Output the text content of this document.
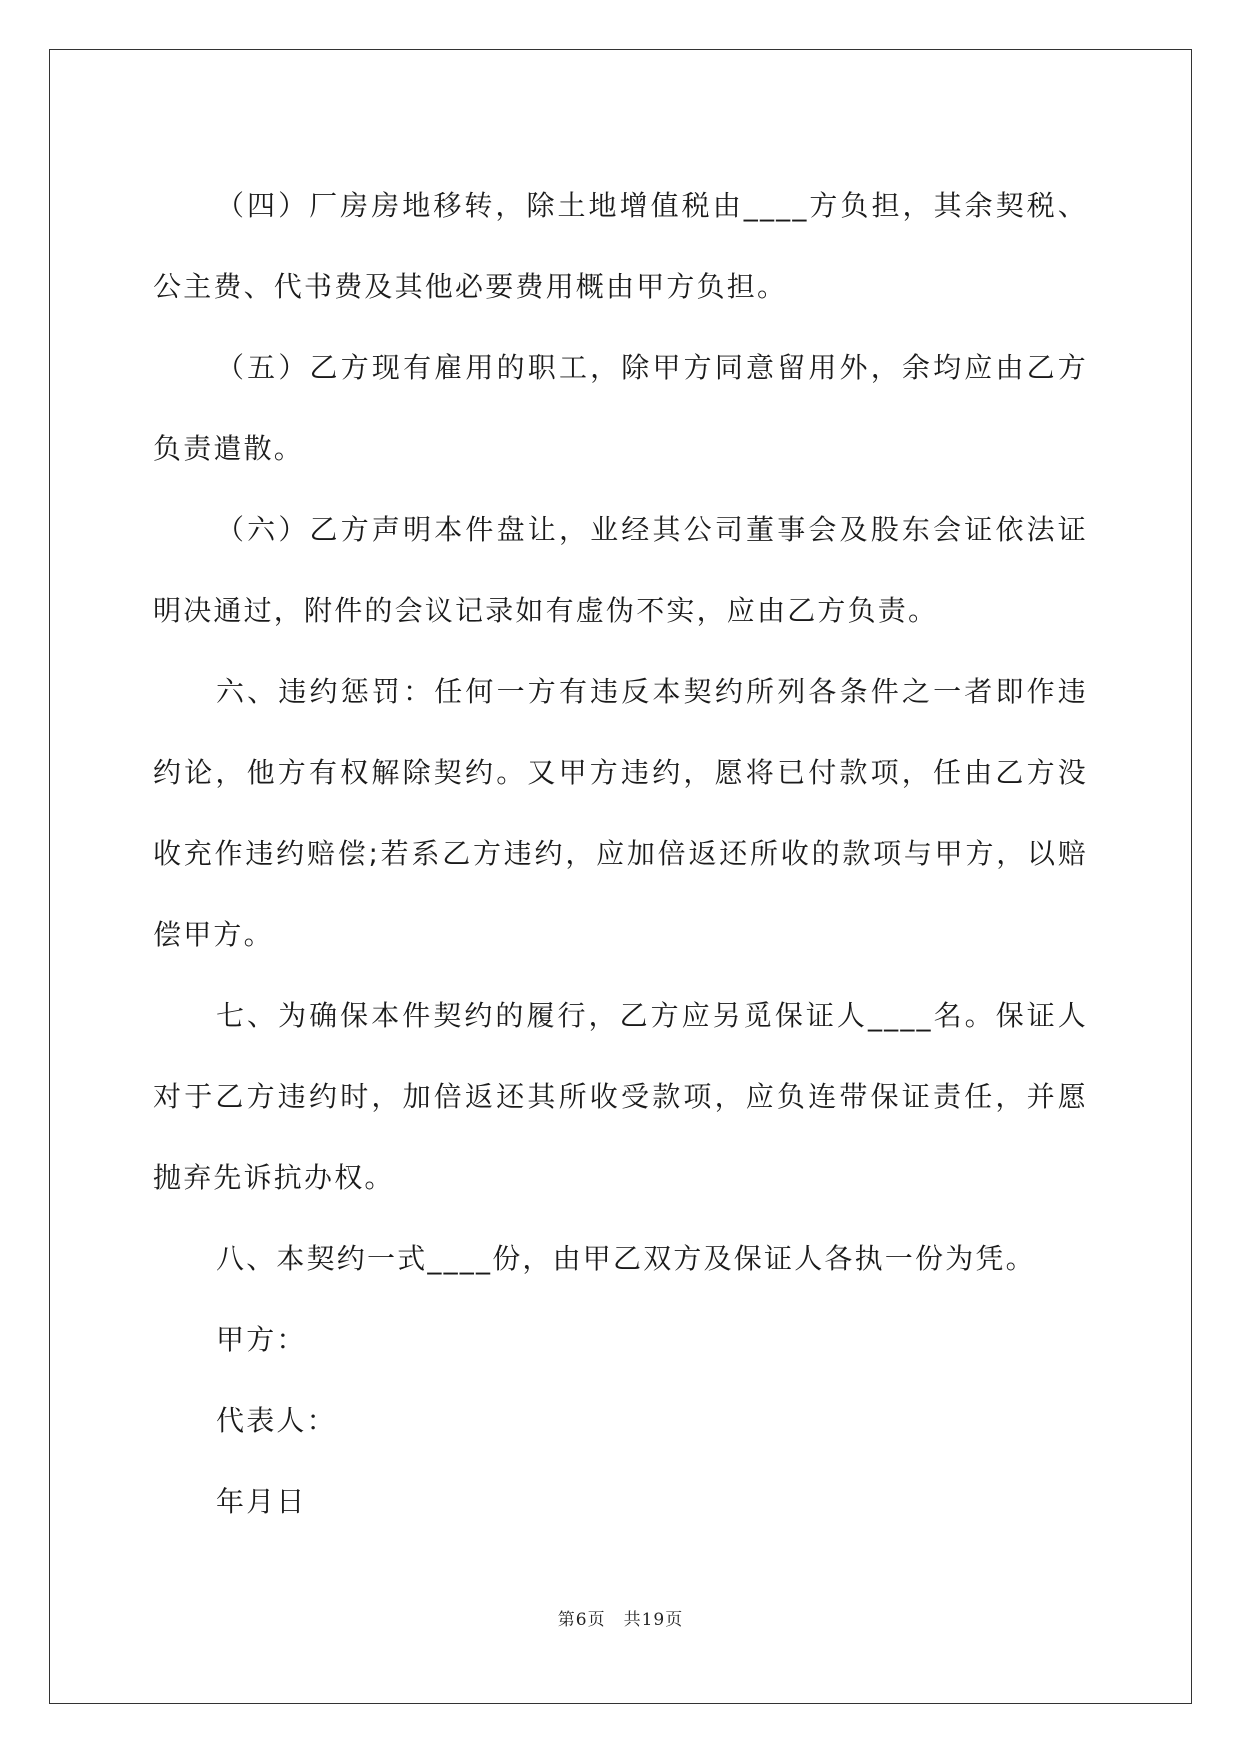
（四）厂房房地移转，除土地增值税由____方负担，其余契税、公主费、代书费及其他必要费用概由甲方负担。

（五）乙方现有雇用的职工，除甲方同意留用外，余均应由乙方负责遣散。

（六）乙方声明本件盘让，业经其公司董事会及股东会证依法证明决通过，附件的会议记录如有虚伪不实，应由乙方负责。

六、违约惩罚：任何一方有违反本契约所列各条件之一者即作违约论，他方有权解除契约。又甲方违约，愿将已付款项，任由乙方没收充作违约赔偿;若系乙方违约，应加倍返还所收的款项与甲方，以赔偿甲方。

七、为确保本件契约的履行，乙方应另觅保证人____名。保证人对于乙方违约时，加倍返还其所收受款项，应负连带保证责任，并愿抛弃先诉抗办权。

八、本契约一式____份，由甲乙双方及保证人各执一份为凭。

甲方：

代表人：

年月日

第6页　共19页
